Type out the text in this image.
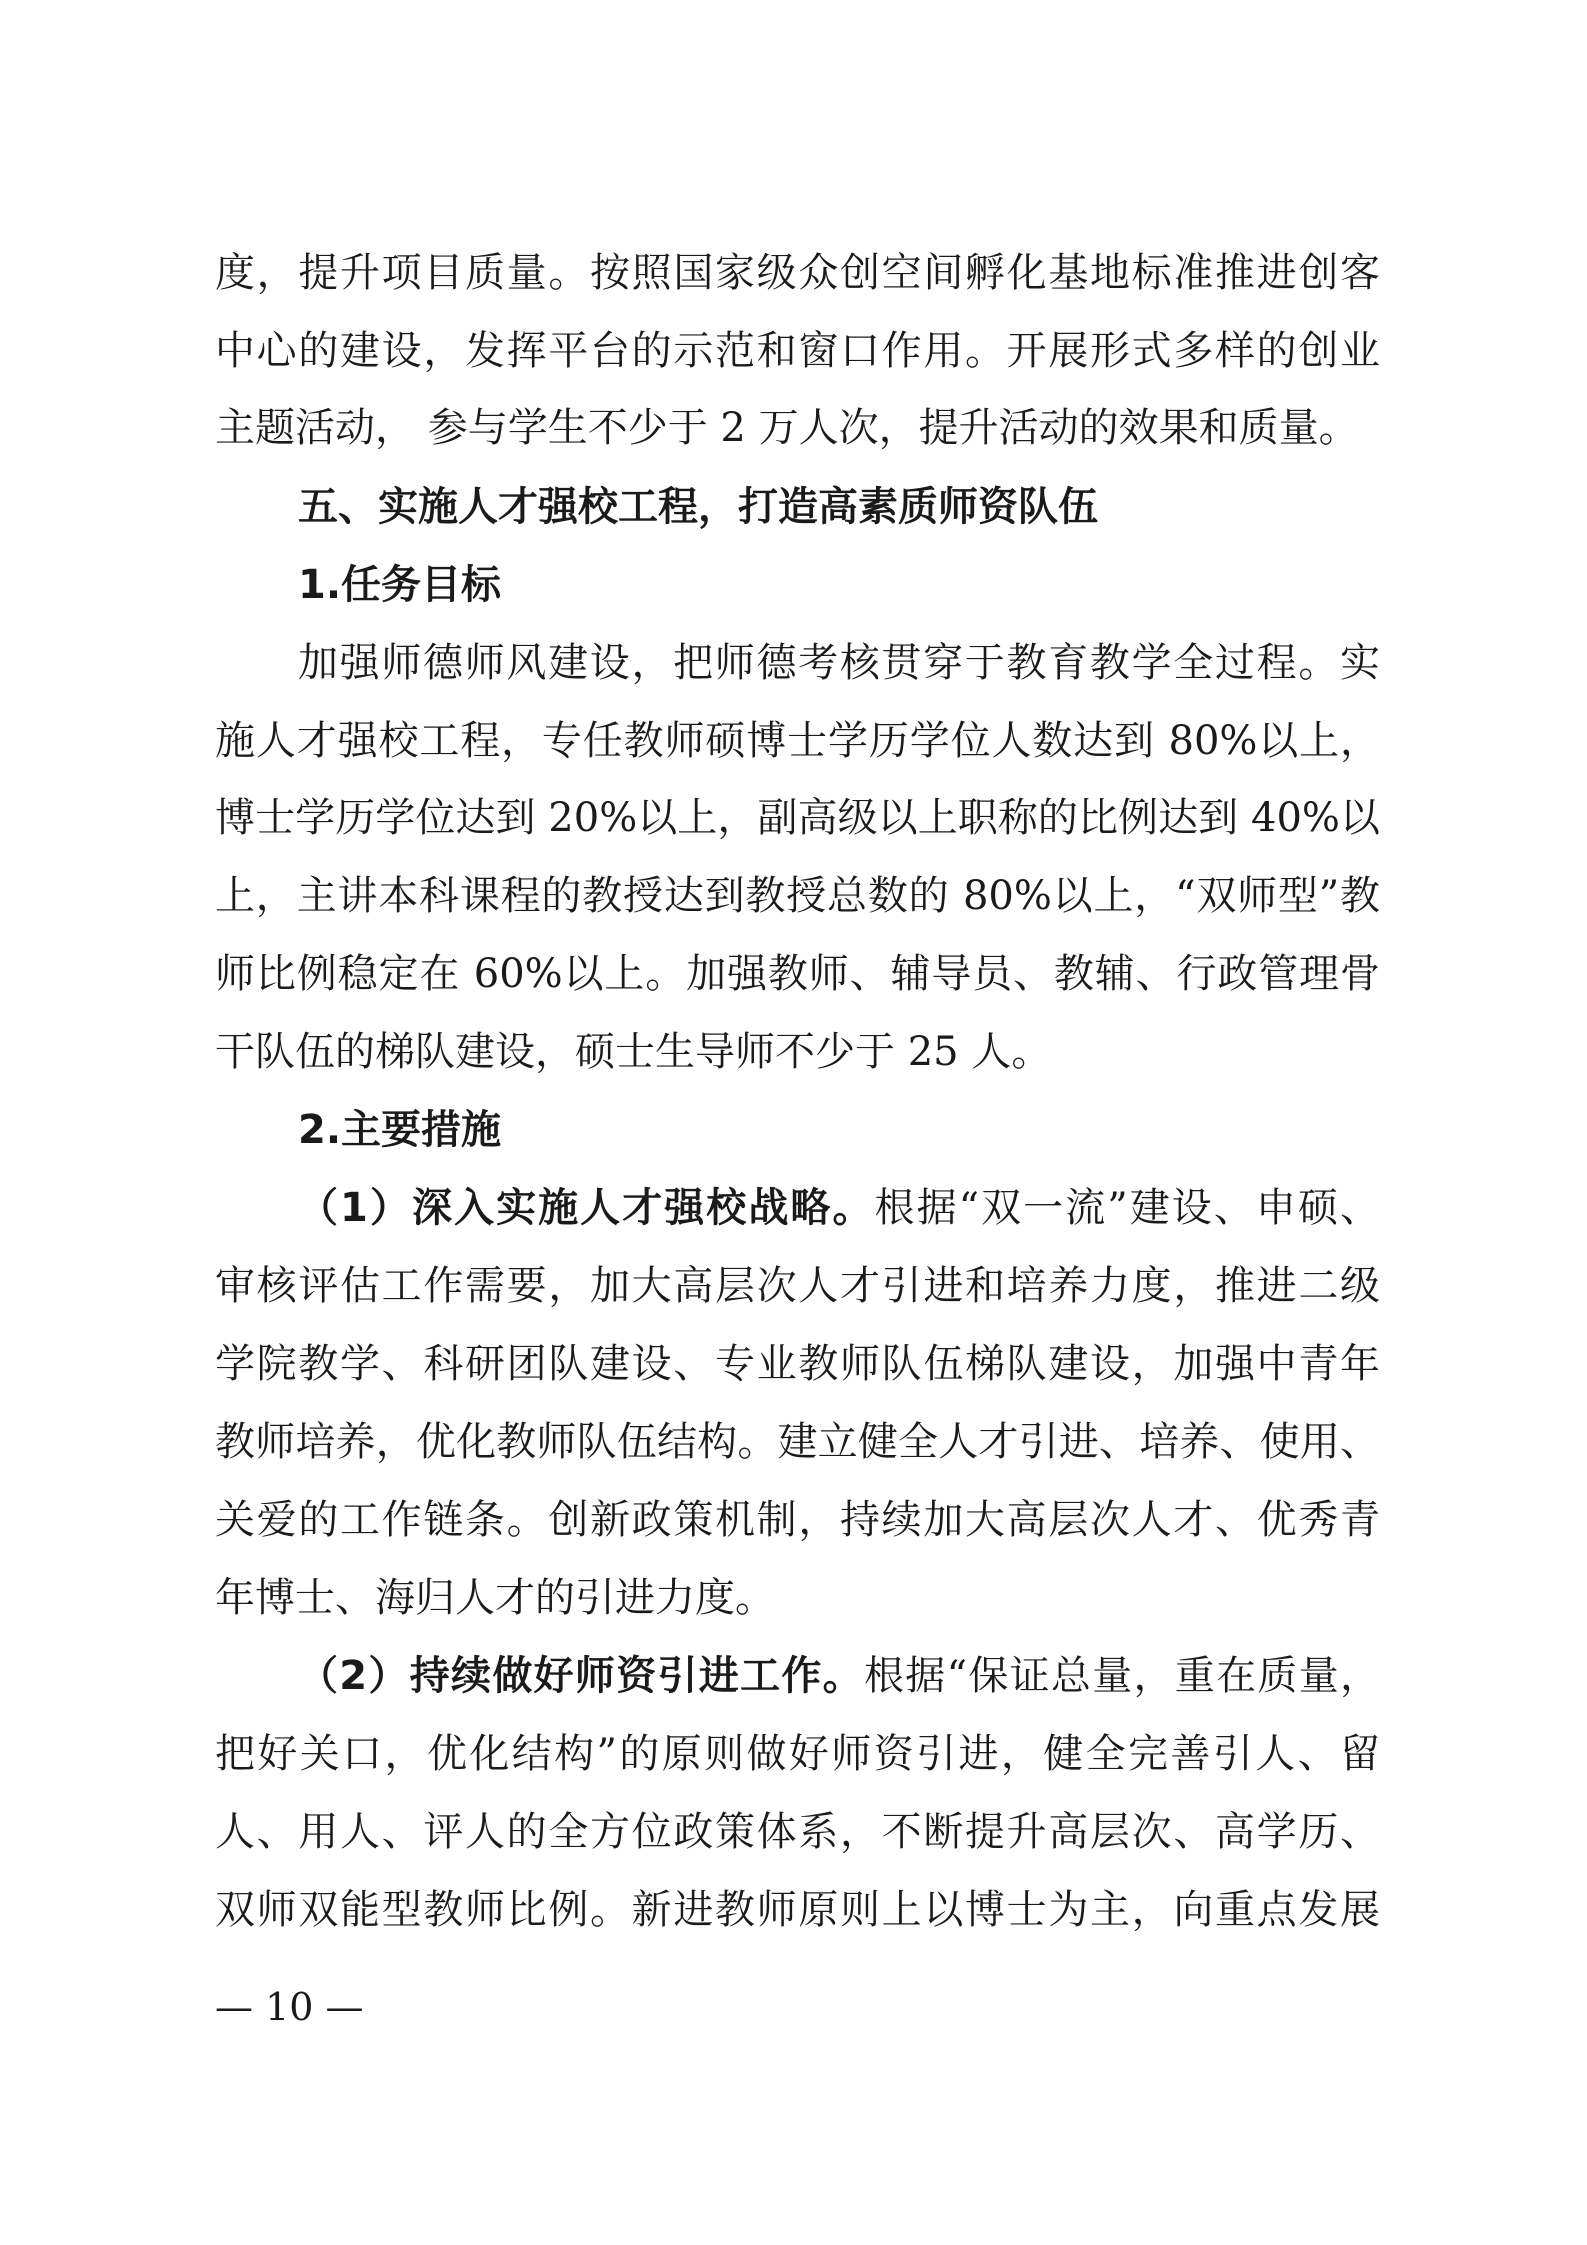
度，提升项目质量。按照国家级众创空间孵化基地标准推进创客
中心的建设，发挥平台的示范和窗口作用。开展形式多样的创业
主题活动， 参与学生不少于 2 万人次，提升活动的效果和质量。
五、实施人才强校工程，打造高素质师资队伍
1.任务目标
加强师德师风建设，把师德考核贯穿于教育教学全过程。实
施人才强校工程，专任教师硕博士学历学位人数达到 80%以上，
博士学历学位达到 20%以上，副高级以上职称的比例达到 40%以
上，主讲本科课程的教授达到教授总数的 80%以上，“双师型”教
师比例稳定在 60%以上。加强教师、辅导员、教辅、行政管理骨
干队伍的梯队建设，硕士生导师不少于 25 人。
2.主要措施
（1）深入实施人才强校战略。根据“双一流”建设、申硕、
审核评估工作需要，加大高层次人才引进和培养力度，推进二级
学院教学、科研团队建设、专业教师队伍梯队建设，加强中青年
教师培养，优化教师队伍结构。建立健全人才引进、培养、使用、
关爱的工作链条。创新政策机制，持续加大高层次人才、优秀青
年博士、海归人才的引进力度。
（2）持续做好师资引进工作。根据“保证总量，重在质量，
把好关口，优化结构”的原则做好师资引进，健全完善引人、留
人、用人、评人的全方位政策体系，不断提升高层次、高学历、
双师双能型教师比例。新进教师原则上以博士为主，向重点发展
— 10 —
